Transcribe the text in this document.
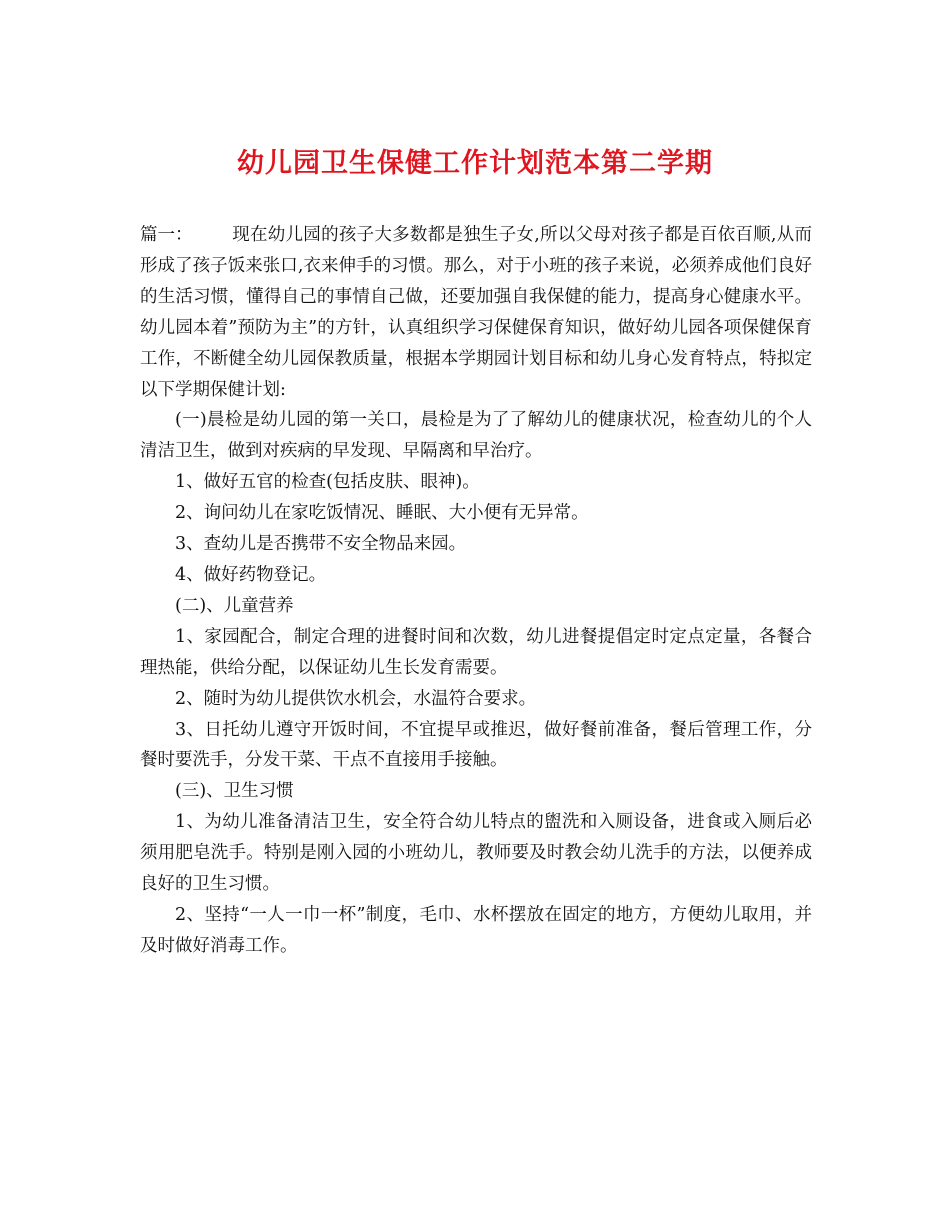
幼儿园卫生保健工作计划范本第二学期

篇一： 现在幼儿园的孩子大多数都是独生子女,所以父母对孩子都是百依百顺,从而形成了孩子饭来张口,衣来伸手的习惯。那么，对于小班的孩子来说，必须养成他们良好的生活习惯，懂得自己的事情自己做，还要加强自我保健的能力，提高身心健康水平。幼儿园本着”预防为主”的方针，认真组织学习保健保育知识，做好幼儿园各项保健保育工作，不断健全幼儿园保教质量，根据本学期园计划目标和幼儿身心发育特点，特拟定以下学期保健计划:

(一)晨检是幼儿园的第一关口，晨检是为了了解幼儿的健康状况，检查幼儿的个人清洁卫生，做到对疾病的早发现、早隔离和早治疗。

1、做好五官的检查(包括皮肤、眼神)。

2、询问幼儿在家吃饭情况、睡眠、大小便有无异常。

3、查幼儿是否携带不安全物品来园。

4、做好药物登记。

(二)、儿童营养

1、家园配合，制定合理的进餐时间和次数，幼儿进餐提倡定时定点定量，各餐合理热能，供给分配，以保证幼儿生长发育需要。

2、随时为幼儿提供饮水机会，水温符合要求。

3、日托幼儿遵守开饭时间，不宜提早或推迟，做好餐前准备，餐后管理工作，分餐时要洗手，分发干菜、干点不直接用手接触。

(三)、卫生习惯

1、为幼儿准备清洁卫生，安全符合幼儿特点的盥洗和入厕设备，进食或入厕后必须用肥皂洗手。特别是刚入园的小班幼儿，教师要及时教会幼儿洗手的方法，以便养成良好的卫生习惯。

2、坚持“一人一巾一杯”制度，毛巾、水杯摆放在固定的地方，方便幼儿取用，并及时做好消毒工作。
